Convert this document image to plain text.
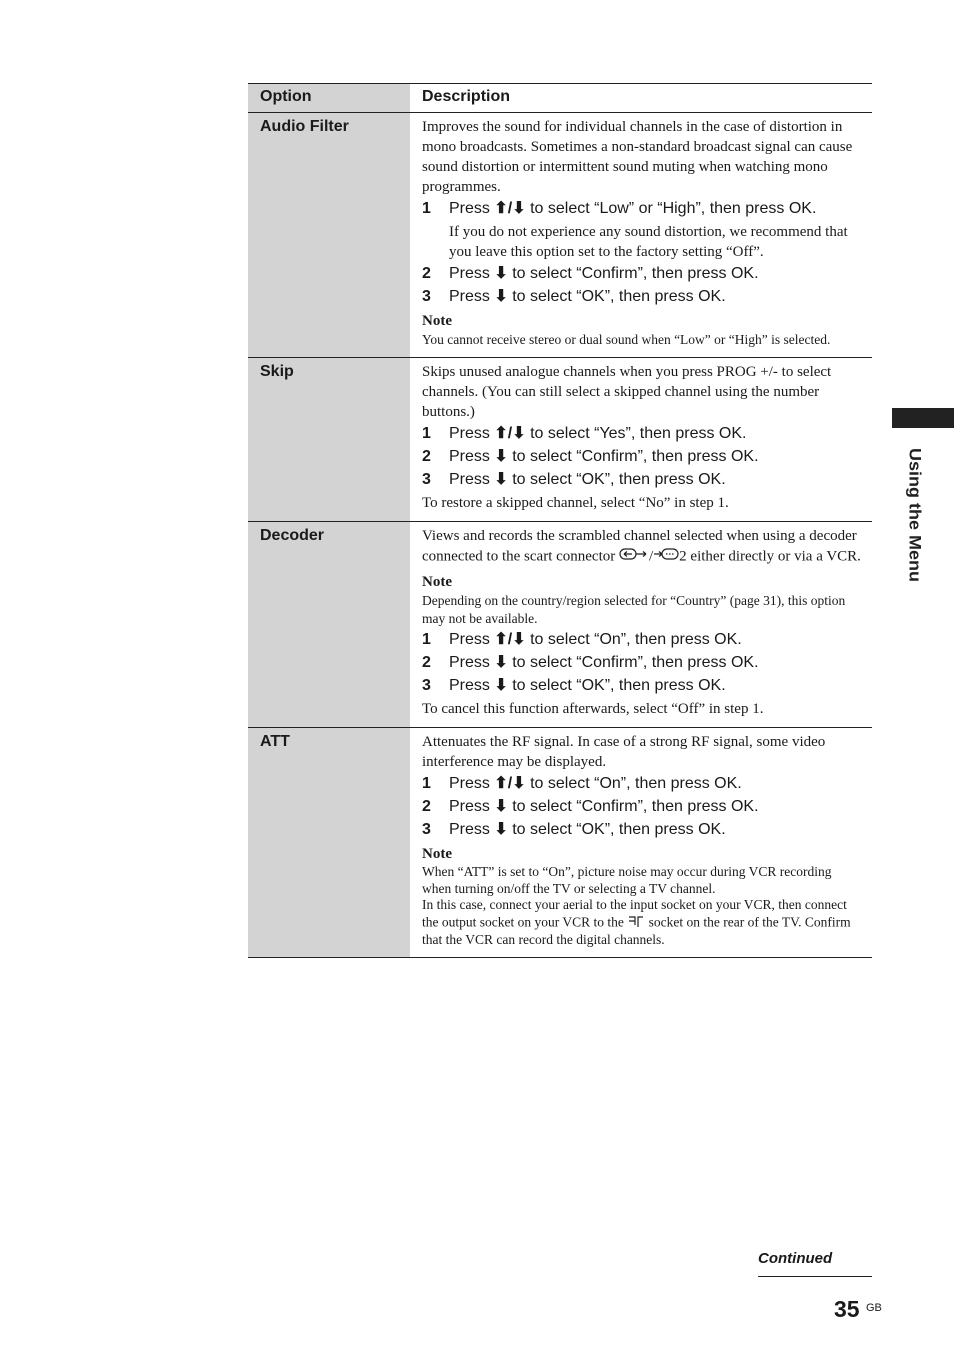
Option	Description
Audio Filter	Improves the sound for individual channels in the case of distortion in mono broadcasts. Sometimes a non-standard broadcast signal can cause sound distortion or intermittent sound muting when watching mono programmes.

1	Press ⬆/⬇ to select “Low” or “High”, then press OK.

If you do not experience any sound distortion, we recommend that you leave this option set to the factory setting “Off”.

2	Press ⬇ to select “Confirm”, then press OK.
3	Press ⬇ to select “OK”, then press OK.

Note

You cannot receive stereo or dual sound when “Low” or “High” is selected.

Skip	Skips unused analogue channels when you press PROG +/- to select channels. (You can still select a skipped channel using the number buttons.)

1	Press ⬆/⬇ to select “Yes”, then press OK.
2	Press ⬇ to select “Confirm”, then press OK.
3	Press ⬇ to select “OK”, then press OK.

To restore a skipped channel, select “No” in step 1.

Decoder	Views and records the scrambled channel selected when using a decoder connected to the scart connector / 2 either directly or via a VCR.

Note

Depending on the country/region selected for “Country” (page 31), this option may not be available.

1	Press ⬆/⬇ to select “On”, then press OK.
2	Press ⬇ to select “Confirm”, then press OK.
3	Press ⬇ to select “OK”, then press OK.

To cancel this function afterwards, select “Off” in step 1.

ATT	Attenuates the RF signal. In case of a strong RF signal, some video interference may be displayed.

1	Press ⬆/⬇ to select “On”, then press OK.
2	Press ⬇ to select “Confirm”, then press OK.
3	Press ⬇ to select “OK”, then press OK.

Note

When “ATT” is set to “On”, picture noise may occur during VCR recording when turning on/off the TV or selecting a TV channel.

In this case, connect your aerial to the input socket on your VCR, then connect the output socket on your VCR to the socket on the rear of the TV. Confirm that the VCR can record the digital channels.

Using the Menu
Continued
35 GB
